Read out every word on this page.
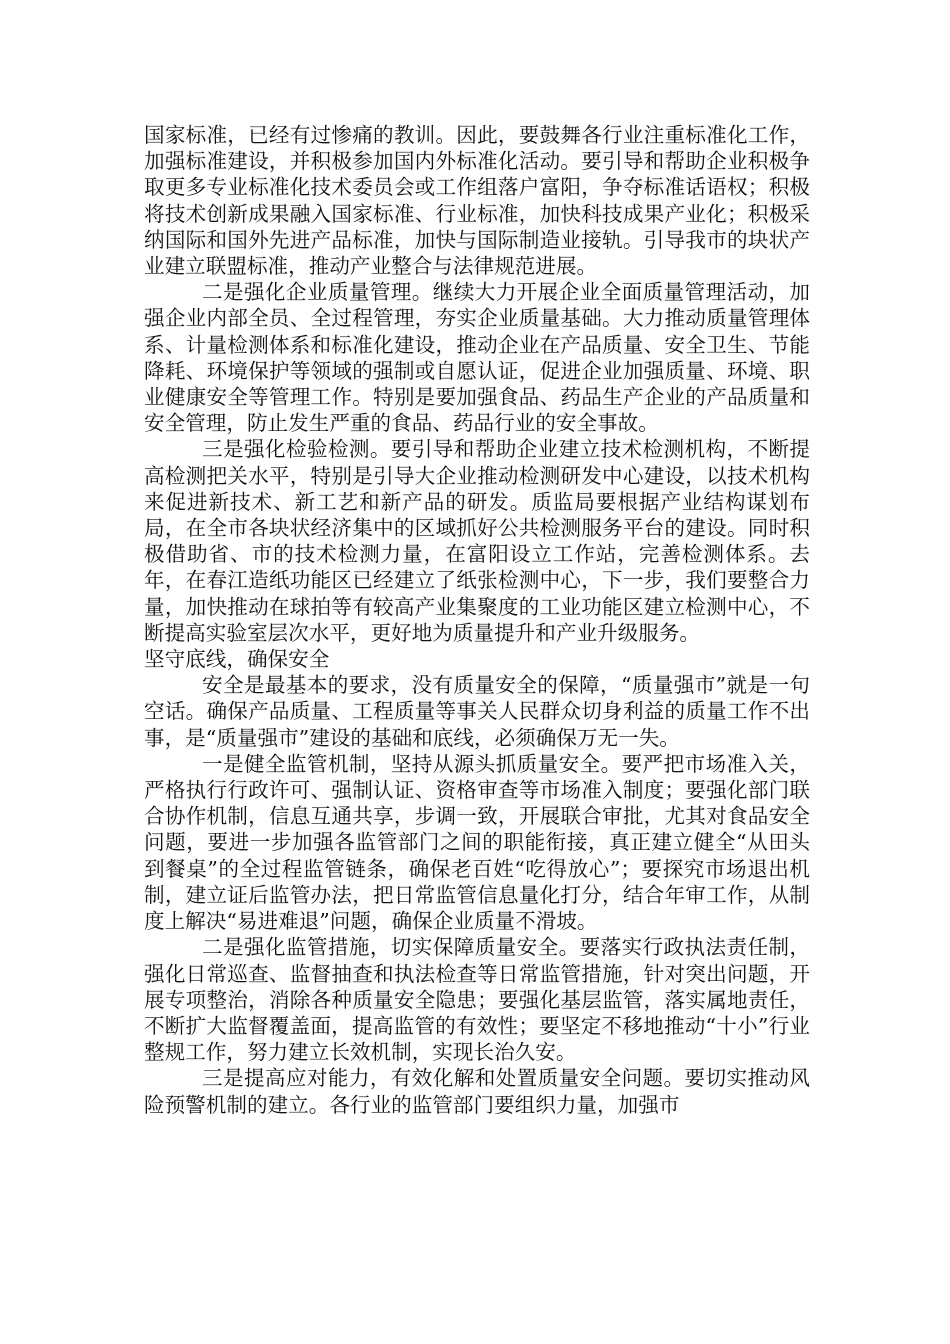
国家标准，已经有过惨痛的教训。因此，要鼓舞各行业注重标准化工作，加强标准建设，并积极参加国内外标准化活动。要引导和帮助企业积极争取更多专业标准化技术委员会或工作组落户富阳，争夺标准话语权；积极将技术创新成果融入国家标准、行业标准，加快科技成果产业化；积极采纳国际和国外先进产品标准，加快与国际制造业接轨。引导我市的块状产业建立联盟标准，推动产业整合与法律规范进展。

二是强化企业质量管理。继续大力开展企业全面质量管理活动，加强企业内部全员、全过程管理，夯实企业质量基础。大力推动质量管理体系、计量检测体系和标准化建设，推动企业在产品质量、安全卫生、节能降耗、环境保护等领域的强制或自愿认证，促进企业加强质量、环境、职业健康安全等管理工作。特别是要加强食品、药品生产企业的产品质量和安全管理，防止发生严重的食品、药品行业的安全事故。

三是强化检验检测。要引导和帮助企业建立技术检测机构，不断提高检测把关水平，特别是引导大企业推动检测研发中心建设，以技术机构来促进新技术、新工艺和新产品的研发。质监局要根据产业结构谋划布局，在全市各块状经济集中的区域抓好公共检测服务平台的建设。同时积极借助省、市的技术检测力量，在富阳设立工作站，完善检测体系。去年，在春江造纸功能区已经建立了纸张检测中心，下一步，我们要整合力量，加快推动在球拍等有较高产业集聚度的工业功能区建立检测中心，不断提高实验室层次水平，更好地为质量提升和产业升级服务。

坚守底线，确保安全

安全是最基本的要求，没有质量安全的保障，“质量强市”就是一句空话。确保产品质量、工程质量等事关人民群众切身利益的质量工作不出事，是“质量强市”建设的基础和底线，必须确保万无一失。

一是健全监管机制，坚持从源头抓质量安全。要严把市场准入关，严格执行行政许可、强制认证、资格审查等市场准入制度；要强化部门联合协作机制，信息互通共享，步调一致，开展联合审批，尤其对食品安全问题，要进一步加强各监管部门之间的职能衔接，真正建立健全“从田头到餐桌”的全过程监管链条，确保老百姓“吃得放心”；要探究市场退出机制，建立证后监管办法，把日常监管信息量化打分，结合年审工作，从制度上解决“易进难退”问题，确保企业质量不滑坡。

二是强化监管措施，切实保障质量安全。要落实行政执法责任制，强化日常巡查、监督抽查和执法检查等日常监管措施，针对突出问题，开展专项整治，消除各种质量安全隐患；要强化基层监管，落实属地责任，不断扩大监督覆盖面，提高监管的有效性；要坚定不移地推动“十小”行业整规工作，努力建立长效机制，实现长治久安。

三是提高应对能力，有效化解和处置质量安全问题。要切实推动风险预警机制的建立。各行业的监管部门要组织力量，加强市
